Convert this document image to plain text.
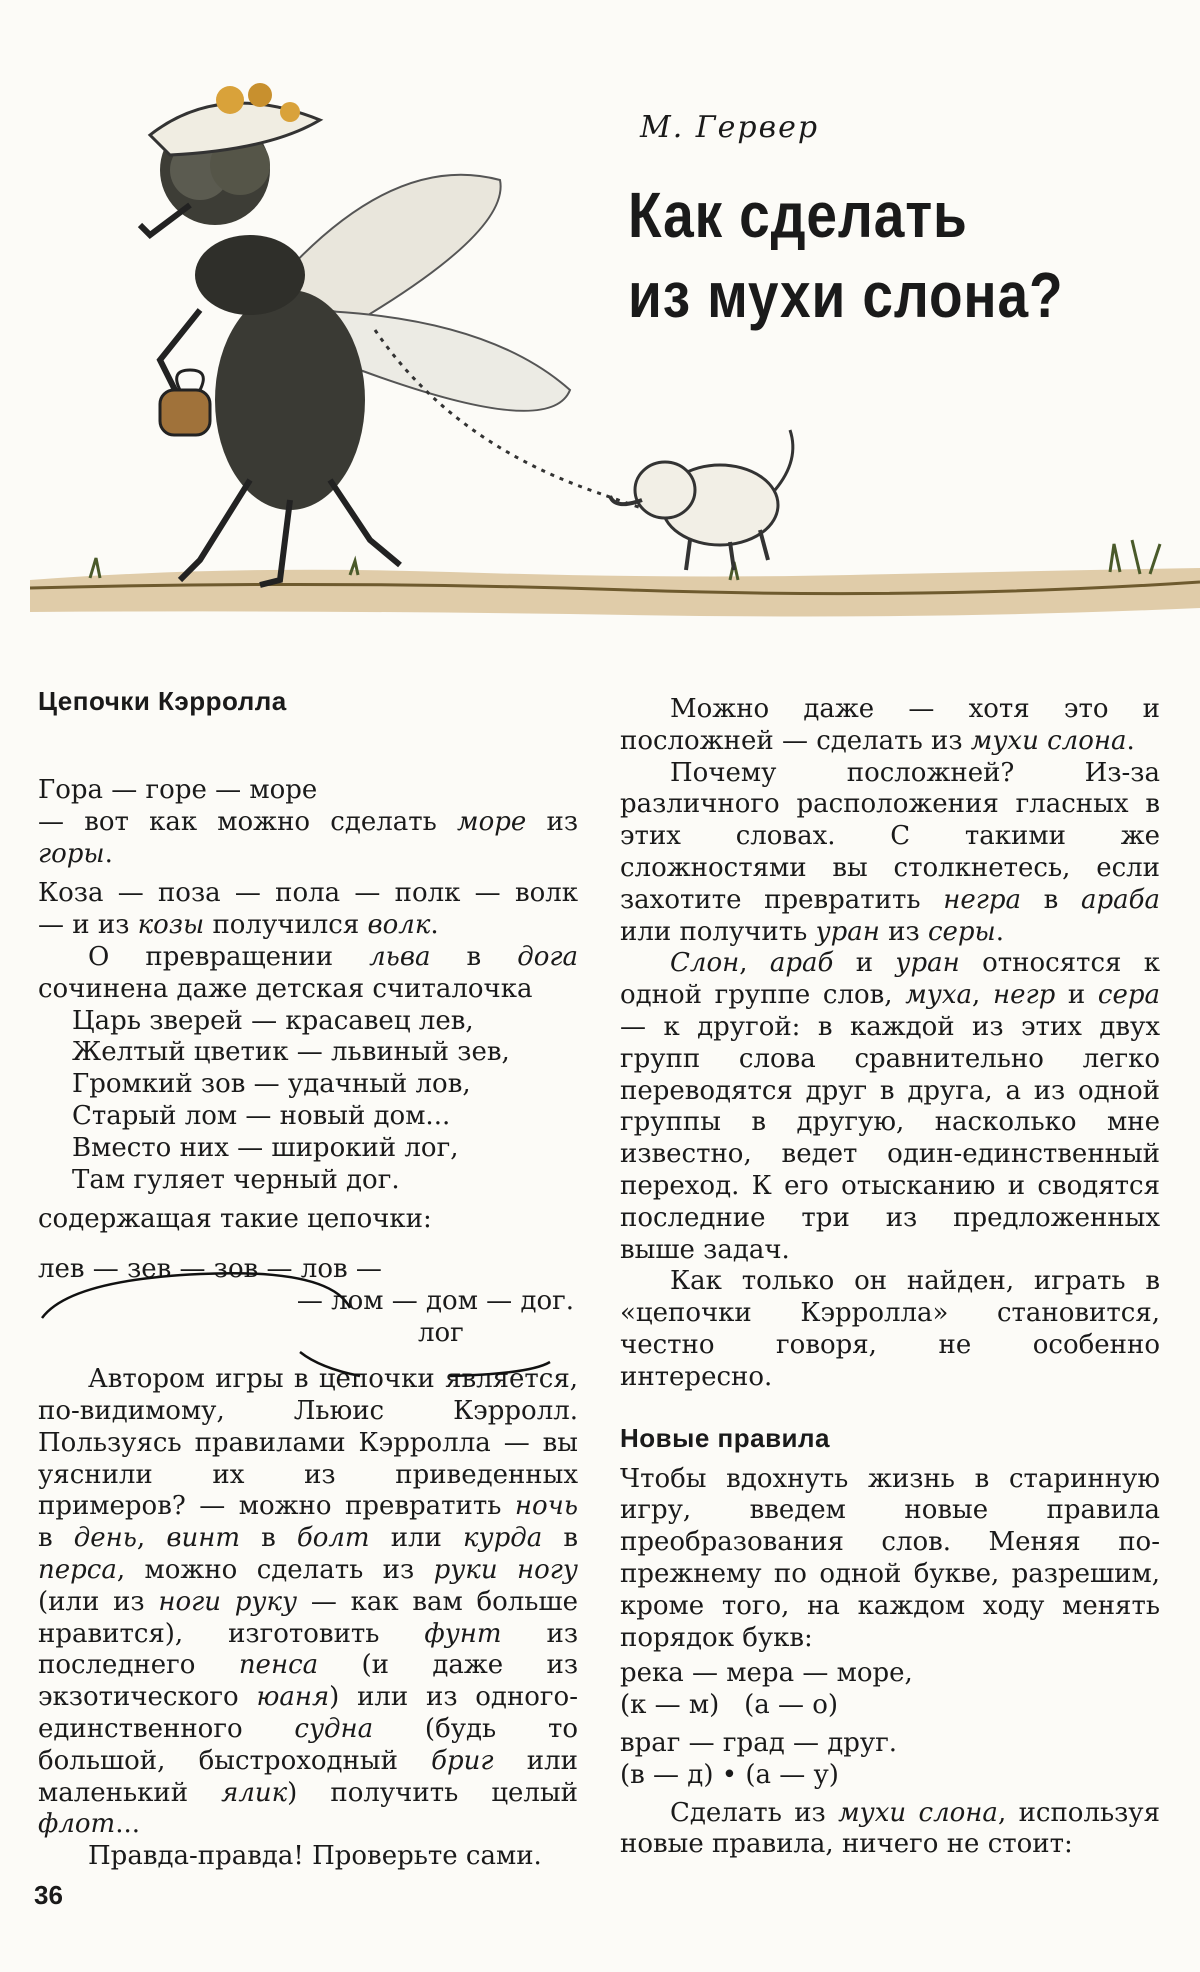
М. Гервер
Как сделать
из мухи слона?
Цепочки Кэрролла

Гора — горе — море

— вот как можно сделать море из горы.

Коза — поза — пола — полк — волк

— и из козы получился волк.

О превращении льва в дога сочинена даже детская считалочка

Царь зверей — красавец лев,
Желтый цветик — львиный зев,
Громкий зов — удачный лов,
Старый лом — новый дом...
Вместо них — широкий лог,
Там гуляет черный дог.

содержащая такие цепочки:

лев — зев — зов — лов —
— лом — дом — дог.
лог

Автором игры в цепочки является, по-видимому, Льюис Кэрролл. Пользуясь правилами Кэрролла — вы уяснили их из приведенных примеров? — можно превратить ночь в день, винт в болт или курда в перса, можно сделать из руки ногу (или из ноги руку — как вам больше нравится), изготовить фунт из последнего пенса (и даже из экзотического юаня) или из одного-единственного судна (будь то большой, быстроходный бриг или маленький ялик) получить целый флот...

Правда-правда! Проверьте сами.

Можно даже — хотя это и посложней — сделать из мухи слона.

Почему посложней? Из-за различного расположения гласных в этих словах. С такими же сложностями вы столкнетесь, если захотите превратить негра в араба или получить уран из серы.

Слон, араб и уран относятся к одной группе слов, муха, негр и сера — к другой: в каждой из этих двух групп слова сравнительно легко переводятся друг в друга, а из одной группы в другую, насколько мне известно, ведет один-единственный переход. К его отысканию и сводятся последние три из предложенных выше задач.

Как только он найден, играть в «цепочки Кэрролла» становится, честно говоря, не особенно интересно.

Новые правила

Чтобы вдохнуть жизнь в старинную игру, введем новые правила преобразования слов. Меняя по-прежнему по одной букве, разрешим, кроме того, на каждом ходу менять порядок букв:

река — мера — море,

(к — м)   (а — о)

враг — град — друг.

(в — д) • (а — у)

Сделать из мухи слона, используя новые правила, ничего не стоит:

36
